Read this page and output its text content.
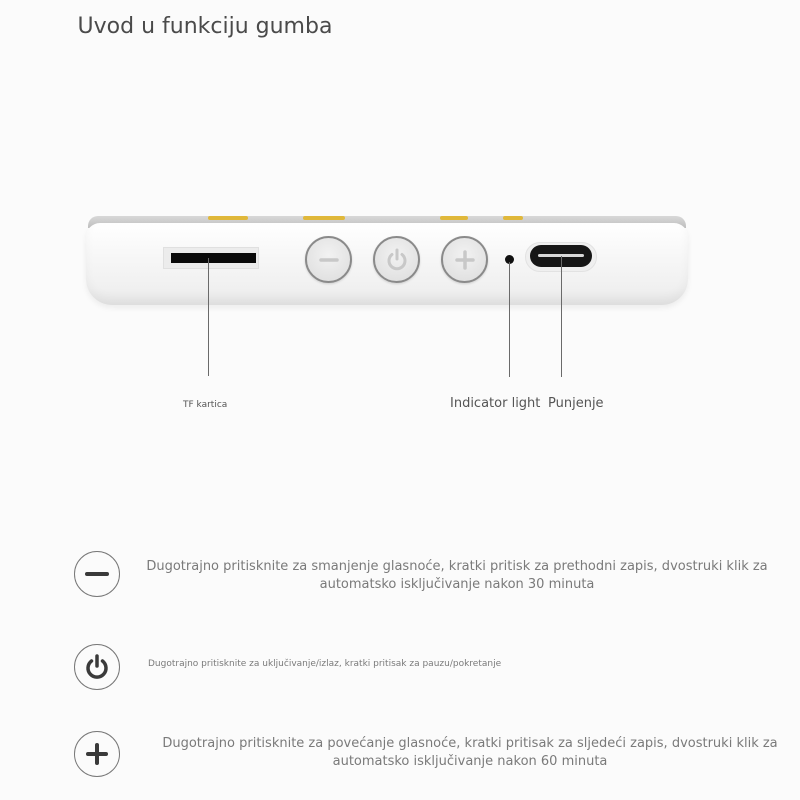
Uvod u funkciju gumba
TF kartica	Indicator light Punjenje
Dugotrajno pritisknite za smanjenje glasnoće, kratki pritisk za prethodni zapis, dvostruki klik za automatsko isključivanje nakon 30 minuta
Dugotrajno pritisknite za uključivanje/izlaz, kratki pritisak za pauzu/pokretanje
Dugotrajno pritisknite za povećanje glasnoće, kratki pritisak za sljedeći zapis, dvostruki klik za automatsko isključivanje nakon 60 minuta
